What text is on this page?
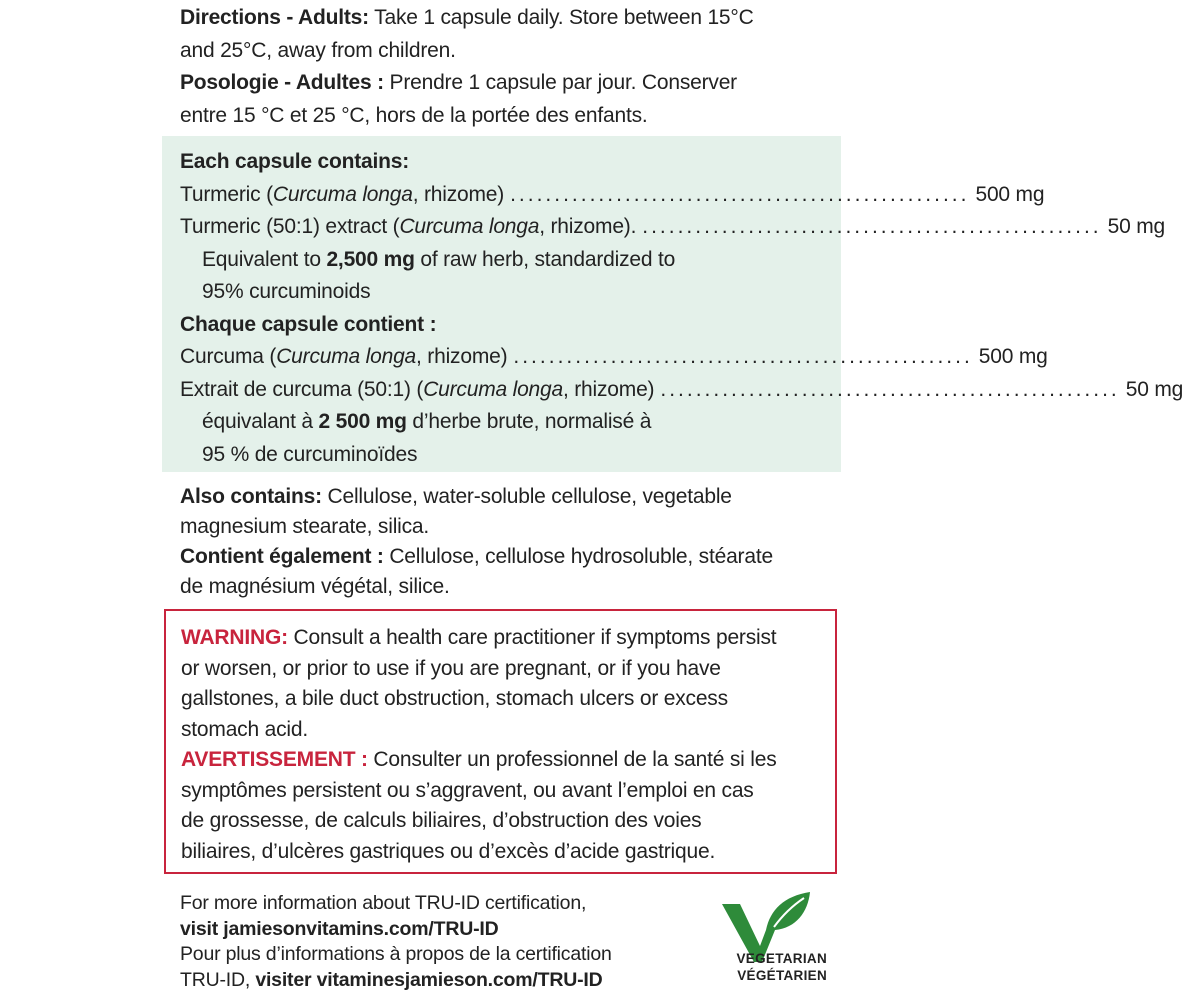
Directions - Adults: Take 1 capsule daily. Store between 15°C
and 25°C, away from children.
Posologie - Adultes : Prendre 1 capsule par jour. Conserver
entre 15 °C et 25 °C, hors de la portée des enfants.
Each capsule contains:
Turmeric (Curcuma longa, rhizome) .................................................... 500 mg
Turmeric (50:1) extract (Curcuma longa, rhizome). .................................................... 50 mg
Equivalent to 2,500 mg of raw herb, standardized to
95% curcuminoids
Chaque capsule contient :
Curcuma (Curcuma longa, rhizome) .................................................... 500 mg
Extrait de curcuma (50:1) (Curcuma longa, rhizome) .................................................... 50 mg
équivalant à 2 500 mg d’herbe brute, normalisé à
95 % de curcuminoïdes
Also contains: Cellulose, water-soluble cellulose, vegetable
magnesium stearate, silica.
Contient également : Cellulose, cellulose hydrosoluble, stéarate
de magnésium végétal, silice.
WARNING: Consult a health care practitioner if symptoms persist
or worsen, or prior to use if you are pregnant, or if you have
gallstones, a bile duct obstruction, stomach ulcers or excess
stomach acid.
AVERTISSEMENT : Consulter un professionnel de la santé si les
symptômes persistent ou s’aggravent, ou avant l’emploi en cas
de grossesse, de calculs biliaires, d’obstruction des voies
biliaires, d’ulcères gastriques ou d’excès d’acide gastrique.
For more information about TRU-ID certification,
visit jamiesonvitamins.com/TRU-ID
Pour plus d’informations à propos de la certification
TRU-ID, visiter vitaminesjamieson.com/TRU-ID
VEGETARIAN
VÉGÉTARIEN
